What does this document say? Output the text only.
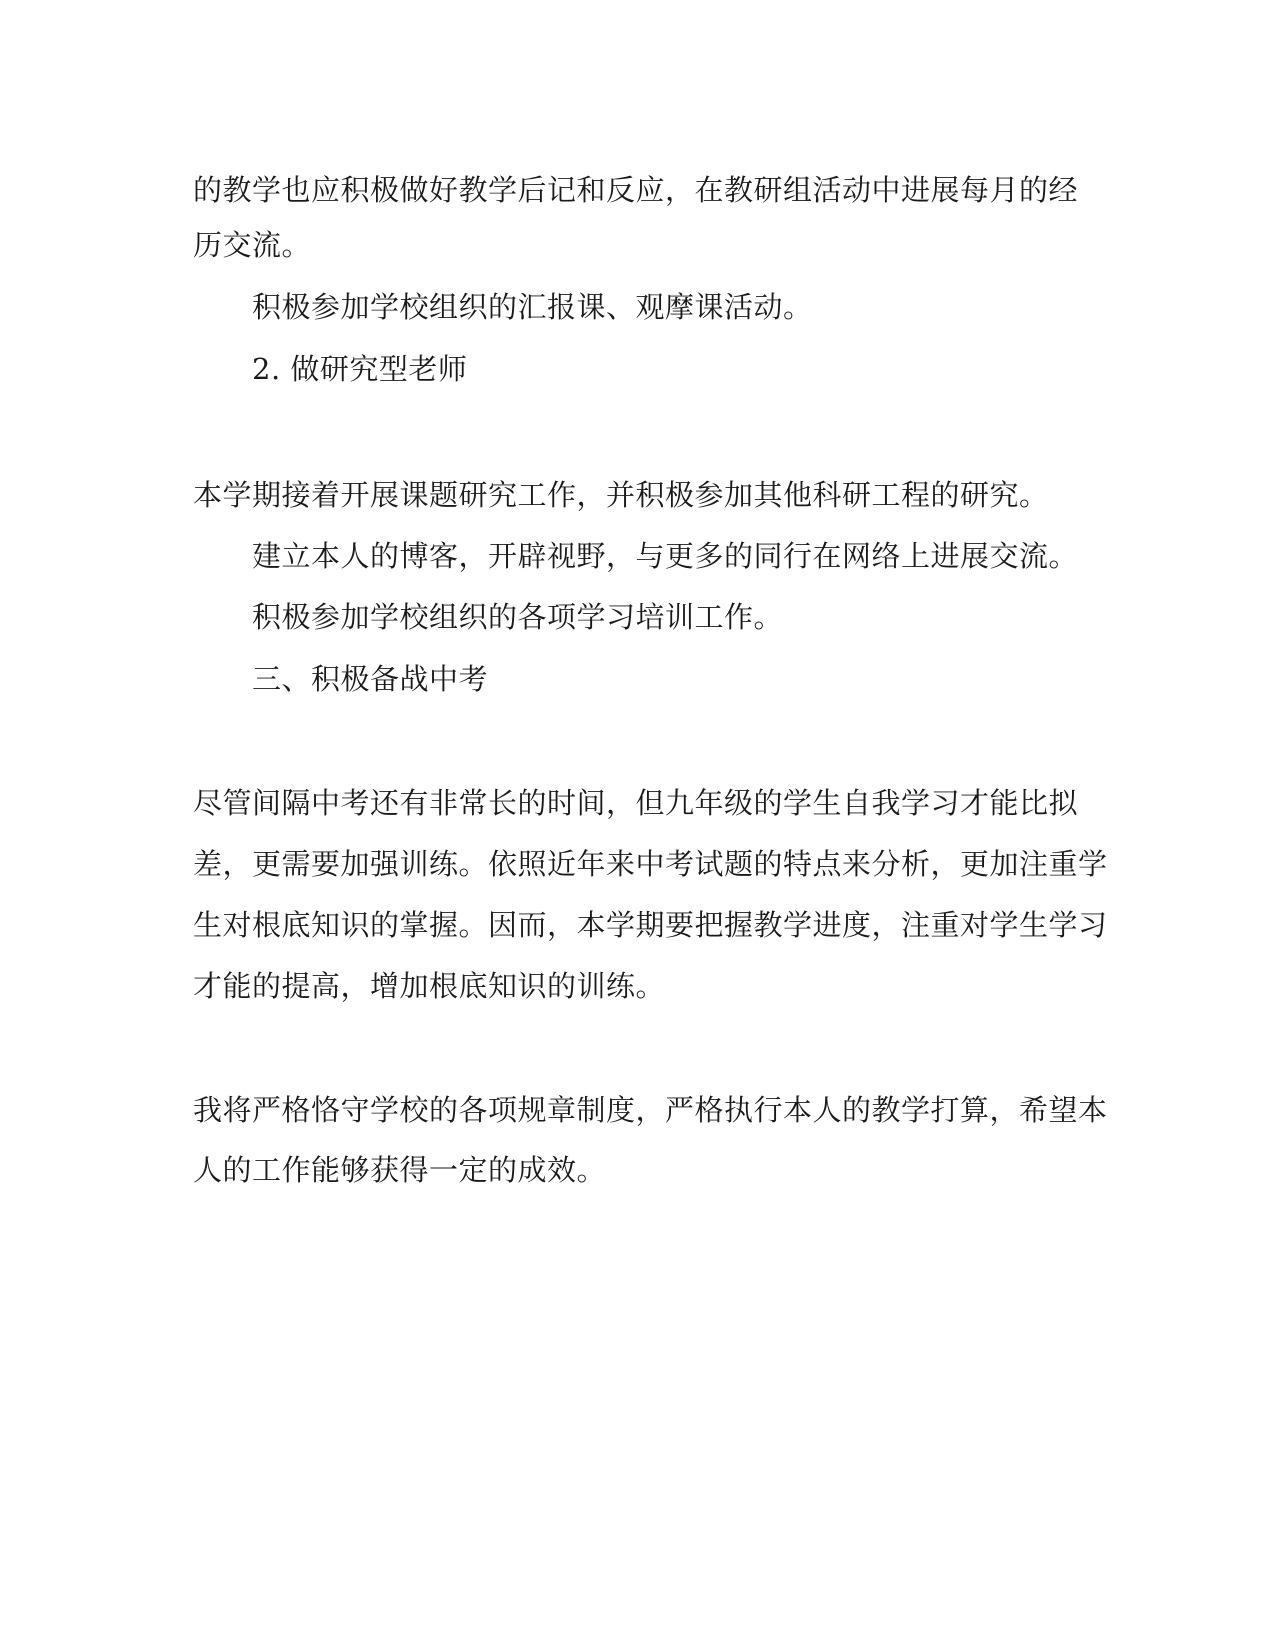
的教学也应积极做好教学后记和反应，在教研组活动中进展每月的经
历交流。
积极参加学校组织的汇报课、观摩课活动。
2. 做研究型老师
本学期接着开展课题研究工作，并积极参加其他科研工程的研究。
建立本人的博客，开辟视野，与更多的同行在网络上进展交流。
积极参加学校组织的各项学习培训工作。
三、积极备战中考
尽管间隔中考还有非常长的时间，但九年级的学生自我学习才能比拟
差，更需要加强训练。依照近年来中考试题的特点来分析，更加注重学
生对根底知识的掌握。因而，本学期要把握教学进度，注重对学生学习
才能的提高，增加根底知识的训练。
我将严格恪守学校的各项规章制度，严格执行本人的教学打算，希望本
人的工作能够获得一定的成效。
